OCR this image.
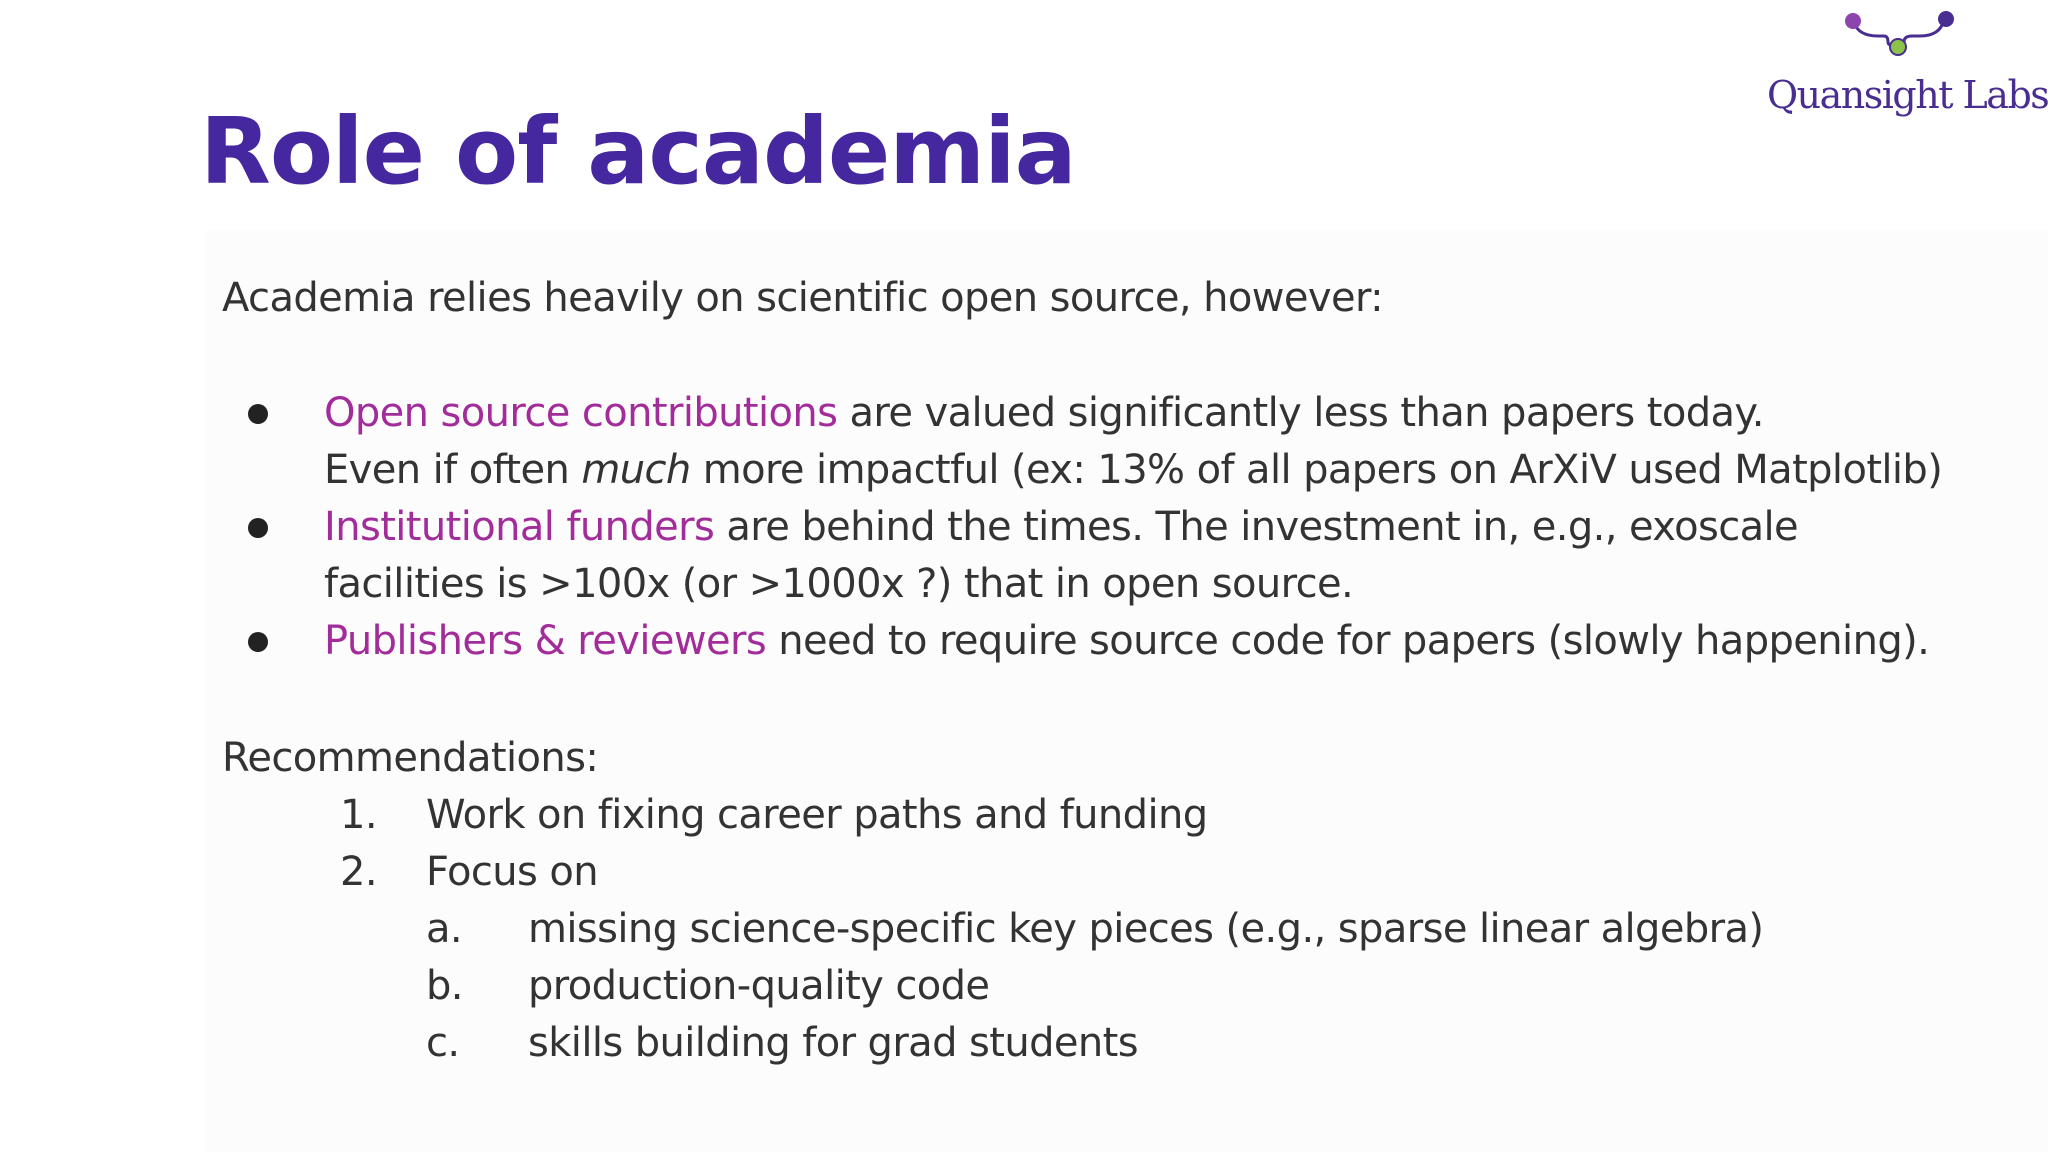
Role of academia
Quansight Labs
Academia relies heavily on scientific open source, however:
Open source contributions are valued significantly less than papers today.
Even if often much more impactful (ex: 13% of all papers on ArXiV used Matplotlib)
Institutional funders are behind the times. The investment in, e.g., exoscale
facilities is >100x (or >1000x ?) that in open source.
Publishers & reviewers need to require source code for papers (slowly happening).
Recommendations:
1. Work on fixing career paths and funding
2. Focus on
a. missing science-specific key pieces (e.g., sparse linear algebra)
b. production-quality code
c. skills building for grad students
